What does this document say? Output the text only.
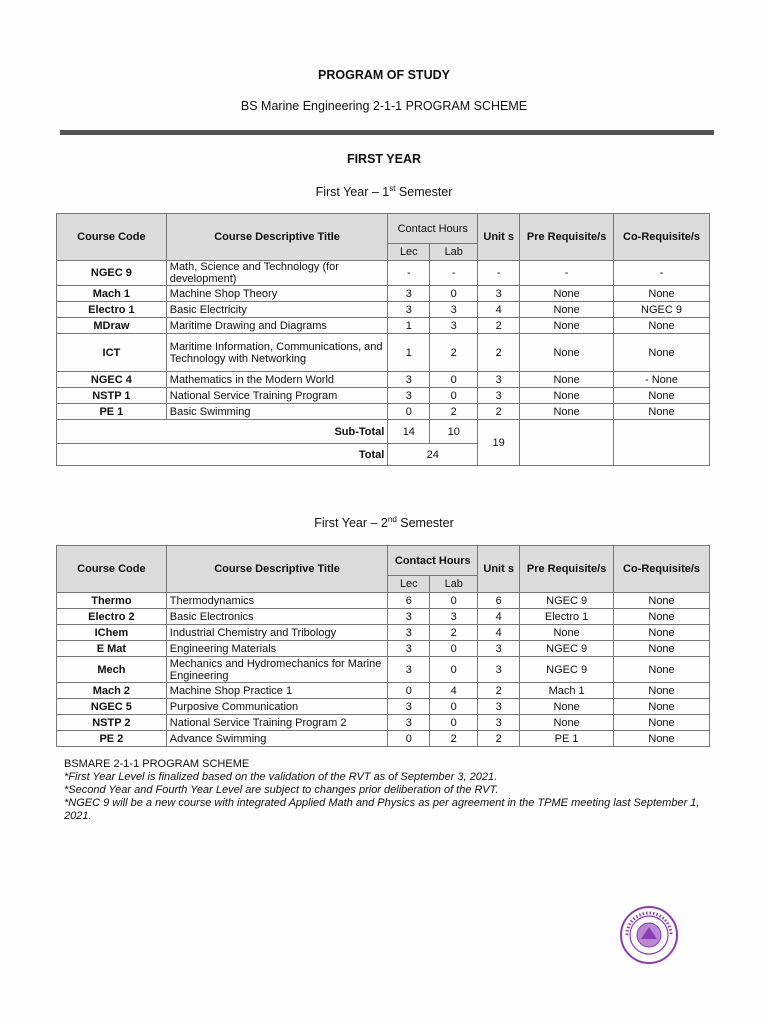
PROGRAM OF STUDY
BS Marine Engineering 2-1-1 PROGRAM SCHEME
FIRST YEAR
First Year – 1st Semester
Course Code	Course Descriptive Title	Contact Hours		Unit s	Pre Requisite/s	Co-Requisite/s
		Lec	Lab			
NGEC 9	Math, Science and Technology (for development)	-	-	-	-	-
Mach 1	Machine Shop Theory	3	0	3	None	None
Electro 1	Basic Electricity	3	3	4	None	NGEC 9
MDraw	Maritime Drawing and Diagrams	1	3	2	None	None
ICT	Maritime Information, Communications, and Technology with Networking	1	2	2	None	None
NGEC 4	Mathematics in the Modern World	3	0	3	None	- None
NSTP 1	National Service Training Program	3	0	3	None	None
PE 1	Basic Swimming	0	2	2	None	None
Sub-Total		14	10	19		
Total		24				
First Year – 2nd Semester
Course Code	Course Descriptive Title	Contact Hours		Unit s	Pre Requisite/s	Co-Requisite/s
		Lec	Lab			
Thermo	Thermodynamics	6	0	6	NGEC 9	None
Electro 2	Basic Electronics	3	3	4	Electro 1	None
IChem	Industrial Chemistry and Tribology	3	2	4	None	None
E Mat	Engineering Materials	3	0	3	NGEC 9	None
Mech	Mechanics and Hydromechanics for Marine Engineering	3	0	3	NGEC 9	None
Mach 2	Machine Shop Practice 1	0	4	2	Mach 1	None
NGEC 5	Purposive Communication	3	0	3	None	None
NSTP 2	National Service Training Program 2	3	0	3	None	None
PE 2	Advance Swimming	0	2	2	PE 1	None
BSMARE 2-1-1 PROGRAM SCHEME
*First Year Level is finalized based on the validation of the RVT as of September 3, 2021.
*Second Year and Fourth Year Level are subject to changes prior deliberation of the RVT.
*NGEC 9 will be a new course with integrated Applied Math and Physics as per agreement in the TPME meeting last September 1, 2021.
